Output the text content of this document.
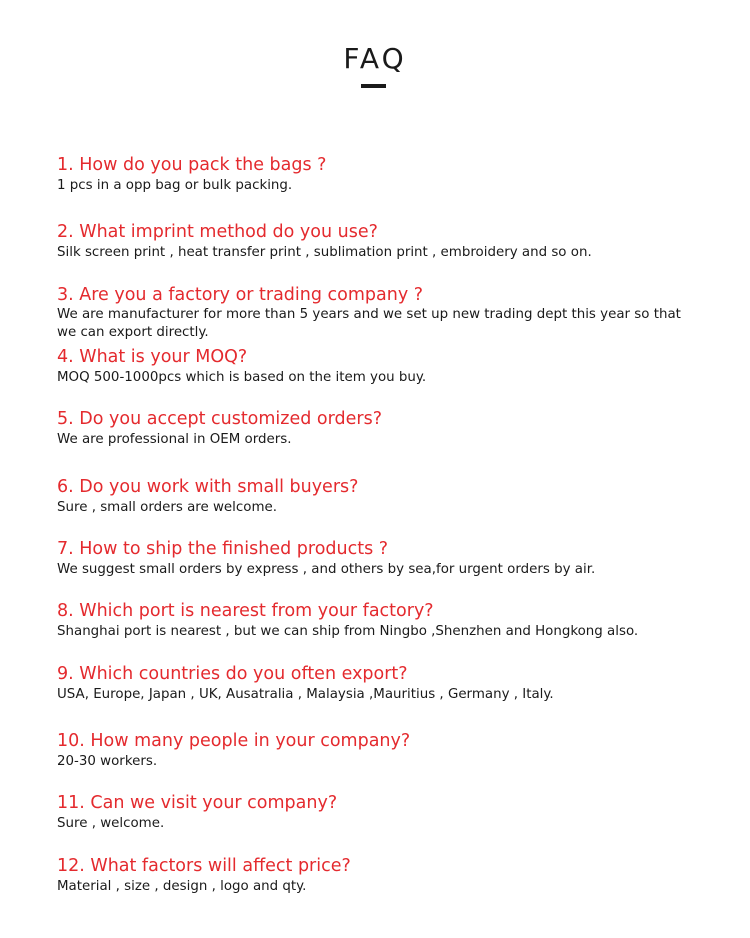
FAQ
1. How do you pack the bags ?
1 pcs in a opp bag or bulk packing.
2. What imprint method do you use?
Silk screen print , heat transfer print , sublimation print , embroidery and so on.
3. Are you a factory or trading company ?
We are manufacturer for more than 5 years and we set up new trading dept this year so that we can export directly.
4. What is your MOQ?
MOQ 500-1000pcs which is based on the item you buy.
5. Do you accept customized orders?
We are professional in OEM orders.
6. Do you work with small buyers?
Sure , small orders are welcome.
7. How to ship the finished products ?
We suggest small orders by express , and others by sea,for urgent orders by air.
8. Which port is nearest from your factory?
Shanghai port is nearest , but we can ship from Ningbo ,Shenzhen and Hongkong also.
9. Which countries do you often export?
USA, Europe, Japan , UK, Ausatralia , Malaysia ,Mauritius , Germany , Italy.
10. How many people in your company?
20-30 workers.
11. Can we visit your company?
Sure , welcome.
12. What factors will affect price?
Material , size , design , logo and qty.
